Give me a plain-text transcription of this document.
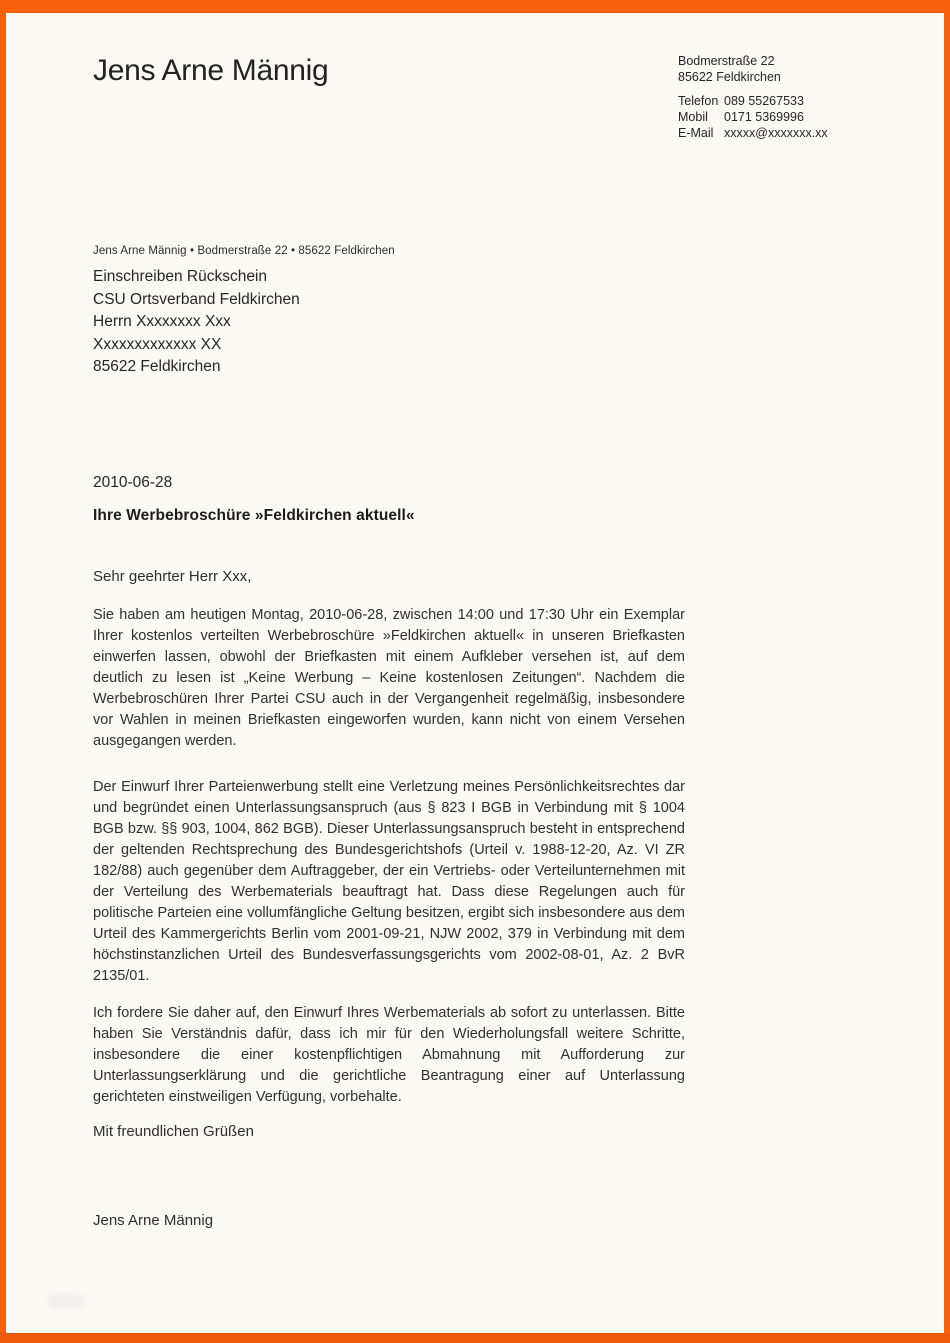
Jens Arne Männig	Bodmerstraße 22
85622 Feldkirchen
Telefon 089 55267533
Mobil	0171 5369996
E-Mail xxxxx@xxxxxxx.xx
Jens Arne Männig • Bodmerstraße 22 • 85622 Feldkirchen
Einschreiben Rückschein
CSU Ortsverband Feldkirchen
Herrn Xxxxxxxx Xxx
Xxxxxxxxxxxxx XX
85622 Feldkirchen
2010-06-28
Ihre Werbebroschüre »Feldkirchen aktuell«
Sehr geehrter Herr Xxx,

Sie haben am heutigen Montag, 2010-06-28, zwischen 14:00 und 17:30 Uhr ein Exemplar Ihrer kostenlos verteilten Werbebroschüre »Feldkirchen aktuell« in unseren Briefkasten einwerfen lassen, obwohl der Briefkasten mit einem Aufkleber versehen ist, auf dem deutlich zu lesen ist „Keine Werbung – Keine kostenlosen Zeitungen“. Nachdem die Werbebroschüren Ihrer Partei CSU auch in der Vergangenheit regelmäßig, insbesondere vor Wahlen in meinen Briefkasten eingeworfen wurden, kann nicht von einem Versehen ausgegangen werden.

Der Einwurf Ihrer Parteienwerbung stellt eine Verletzung meines Persönlichkeitsrechtes dar und begründet einen Unterlassungsanspruch (aus § 823 I BGB in Verbindung mit § 1004 BGB bzw. §§ 903, 1004, 862 BGB). Dieser Unterlassungsanspruch besteht in entsprechend der geltenden Rechtsprechung des Bundesgerichtshofs (Urteil v. 1988-12-20, Az. VI ZR 182/88) auch gegenüber dem Auftraggeber, der ein Vertriebs- oder Verteilunternehmen mit der Verteilung des Werbematerials beauftragt hat. Dass diese Regelungen auch für politische Parteien eine vollumfängliche Geltung besitzen, ergibt sich insbesondere aus dem Urteil des Kammergerichts Berlin vom 2001-09-21, NJW 2002, 379 in Verbindung mit dem höchstinstanzlichen Urteil des Bundesverfassungsgerichts vom 2002-08-01, Az. 2 BvR 2135/01.

Ich fordere Sie daher auf, den Einwurf Ihres Werbematerials ab sofort zu unterlassen. Bitte haben Sie Verständnis dafür, dass ich mir für den Wiederholungsfall weitere Schritte, insbesondere die einer kostenpflichtigen Abmahnung mit Aufforderung zur Unterlassungserklärung und die gerichtliche Beantragung einer auf Unterlassung gerichteten einstweiligen Verfügung, vorbehalte.

Mit freundlichen Grüßen
Jens Arne Männig
